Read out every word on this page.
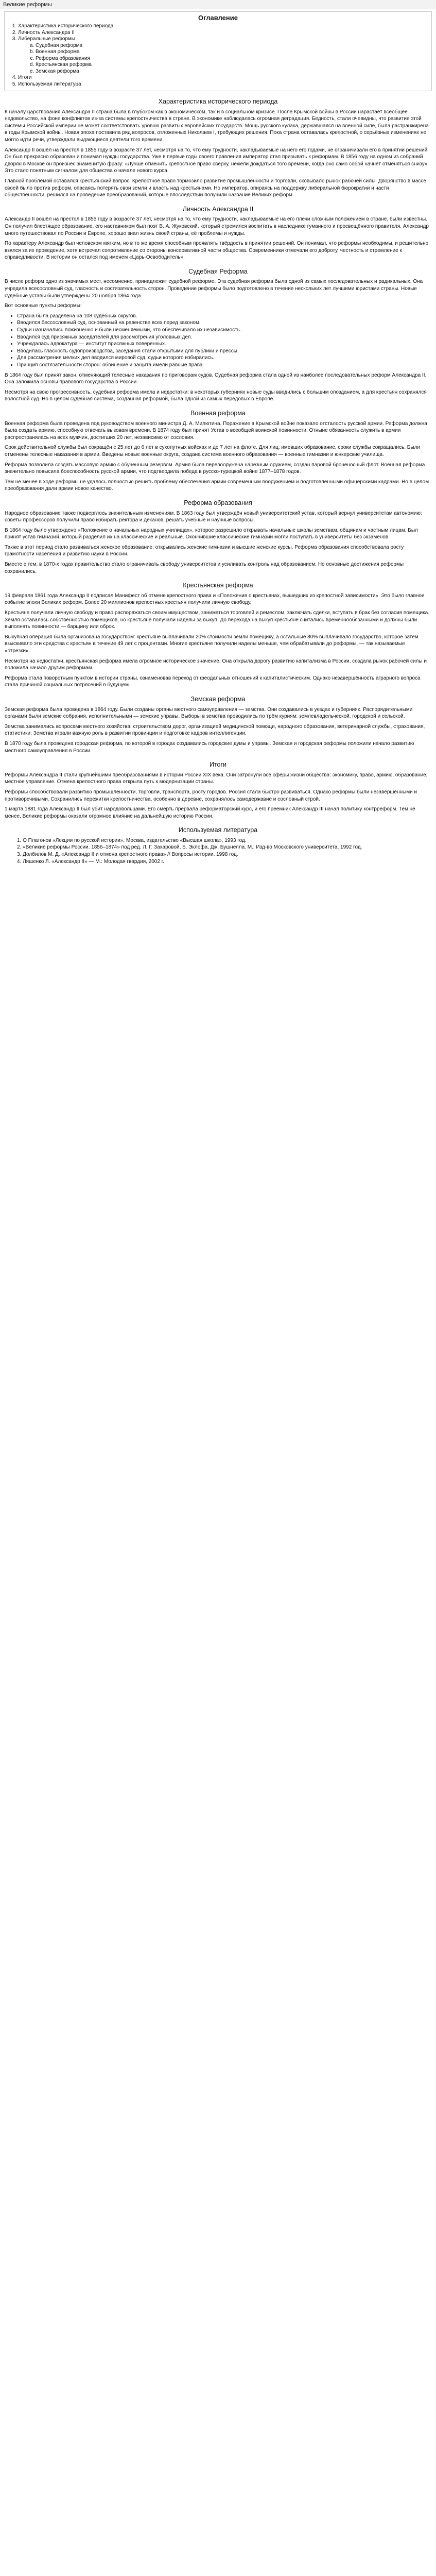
Великие реформы
Оглавление
1. Характеристика исторического периода
2. Личность Александра II
3. Либеральные реформы
a. Судебная реформа
b. Военная реформа
c. Реформа образования
d. Крестьянская реформа
e. Земская реформа
4. Итоги
5. Используемая литература
Характеристика исторического периода

К началу царствования Александра II страна была в глубоком как в экономическом, так и в социальном кризисе. После Крымской войны в России нарастает всеобщее недовольство, на фоне конфликтов из-за системы крепостничества в стране. В экономике наблюдалась огромная деградация. Бедность, стали очевидны, что развитие этой системы Российской империи не может соответствовать уровню развитых европейских государств. Мощь русского кулака, державшаяся на военной силе, была растранжирена в годы Крымской войны. Новая эпоха поставила ряд вопросов, отложенных Николаем I, требующих решения. Пока страна оставалась крепостной, о серьёзных изменениях не могло идти речи, утверждали выдающиеся деятели того времени.

Александр II вошёл на престол в 1855 году в возрасте 37 лет, несмотря на то, что ему трудности, накладываемые на него его годами, не ограничивали его в принятии решений. Он был прекрасно образован и понимал нужды государства. Уже в первые годы своего правления император стал призывать к реформам. В 1856 году на одном из собраний дворян в Москве он произнёс знаменитую фразу: «Лучше отменить крепостное право сверху, нежели дождаться того времени, когда оно само собой начнёт отменяться снизу». Это стало понятным сигналом для общества о начале нового курса.

Главной проблемой оставался крестьянский вопрос. Крепостное право тормозило развитие промышленности и торговли, сковывало рынок рабочей силы. Дворянство в массе своей было против реформ, опасаясь потерять свои земли и власть над крестьянами. Но император, опираясь на поддержку либеральной бюрократии и части общественности, решился на проведение преобразований, которые впоследствии получили название Великих реформ.

Личность Александра II

Александр II вошёл на престол в 1855 году в возрасте 37 лет, несмотря на то, что ему трудности, накладываемые на его плечи сложным положением в стране, были известны. Он получил блестящее образование, его наставником был поэт В. А. Жуковский, который стремился воспитать в наследнике гуманного и просвещённого правителя. Александр много путешествовал по России и Европе, хорошо знал жизнь своей страны, её проблемы и нужды.

По характеру Александр был человеком мягким, но в то же время способным проявлять твёрдость в принятии решений. Он понимал, что реформы необходимы, и решительно взялся за их проведение, хотя встречал сопротивление со стороны консервативной части общества. Современники отмечали его доброту, честность и стремление к справедливости. В истории он остался под именем «Царь-Освободитель».

Судебная Реформа

В числе реформ одно из значимых мест, несомненно, принадлежит судебной реформе. Эта судебная реформа была одной из самых последовательных и радикальных. Она учредила всесословный суд, гласность и состязательность сторон. Проведение реформы было подготовлено в течение нескольких лет лучшими юристами страны. Новые судебные уставы были утверждены 20 ноября 1864 года.

Вот основные пункты реформы:

• Страна была разделена на 108 судебных округов.
• Вводился бессословный суд, основанный на равенстве всех перед законом.
• Судьи назначались пожизненно и были несменяемыми, что обеспечивало их независимость.
• Вводился суд присяжных заседателей для рассмотрения уголовных дел.
• Учреждалась адвокатура — институт присяжных поверенных.
• Вводилась гласность судопроизводства, заседания стали открытыми для публики и прессы.
• Для рассмотрения мелких дел вводился мировой суд, судьи которого избирались.
• Принцип состязательности сторон: обвинение и защита имели равные права.

В 1864 году был принят закон, отменяющий телесные наказания по приговорам судов. Судебная реформа стала одной из наиболее последовательных реформ Александра II. Она заложила основы правового государства в России.

Несмотря на свою прогрессивность, судебная реформа имела и недостатки: в некоторых губерниях новые суды вводились с большим опозданием, а для крестьян сохранялся волостной суд. Но в целом судебная система, созданная реформой, была одной из самых передовых в Европе.

Военная реформа

Военная реформа была проведена под руководством военного министра Д. А. Милютина. Поражение в Крымской войне показало отсталость русской армии. Реформа должна была создать армию, способную отвечать вызовам времени. В 1874 году был принят Устав о всеобщей воинской повинности. Отныне обязанность служить в армии распространялась на всех мужчин, достигших 20 лет, независимо от сословия.

Срок действительной службы был сокращён с 25 лет до 6 лет в сухопутных войсках и до 7 лет на флоте. Для лиц, имевших образование, сроки службы сокращались. Были отменены телесные наказания в армии. Введены новые военные округа, создана система военного образования — военные гимназии и юнкерские училища.

Реформа позволила создать массовую армию с обученным резервом. Армия была перевооружена нарезным оружием, создан паровой броненосный флот. Военная реформа значительно повысила боеспособность русской армии, что подтвердила победа в русско-турецкой войне 1877–1878 годов.

Тем не менее в ходе реформы не удалось полностью решить проблему обеспечения армии современным вооружением и подготовленными офицерскими кадрами. Но в целом преобразования дали армии новое качество.

Реформа образования

Народное образование также подверглось значительным изменениям. В 1863 году был утверждён новый университетский устав, который вернул университетам автономию: советы профессоров получили право избирать ректора и деканов, решать учебные и научные вопросы.

В 1864 году было утверждено «Положение о начальных народных училищах», которое разрешило открывать начальные школы земствам, общинам и частным лицам. Был принят устав гимназий, который разделил их на классические и реальные. Окончившие классические гимназии могли поступать в университеты без экзаменов.

Также в этот период стало развиваться женское образование: открывались женские гимназии и высшие женские курсы. Реформа образования способствовала росту грамотности населения и развитию науки в России.

Вместе с тем, в 1870-х годах правительство стало ограничивать свободу университетов и усиливать контроль над образованием. Но основные достижения реформы сохранились.

Крестьянская реформа

19 февраля 1861 года Александр II подписал Манифест об отмене крепостного права и «Положения о крестьянах, вышедших из крепостной зависимости». Это было главное событие эпохи Великих реформ. Более 20 миллионов крепостных крестьян получили личную свободу.

Крестьяне получали личную свободу и право распоряжаться своим имуществом, заниматься торговлей и ремеслом, заключать сделки, вступать в брак без согласия помещика. Земля оставалась собственностью помещиков, но крестьяне получали наделы за выкуп. До перехода на выкуп крестьяне считались временнообязанными и должны были выполнять повинности — барщину или оброк.

Выкупная операция была организована государством: крестьяне выплачивали 20% стоимости земли помещику, а остальные 80% выплачивало государство, которое затем взыскивало эти средства с крестьян в течение 49 лет с процентами. Многие крестьяне получили наделы меньше, чем обрабатывали до реформы, — так называемые «отрезки».

Несмотря на недостатки, крестьянская реформа имела огромное историческое значение. Она открыла дорогу развитию капитализма в России, создала рынок рабочей силы и положила начало другим реформам.

Реформа стала поворотным пунктом в истории страны, ознаменовав переход от феодальных отношений к капиталистическим. Однако незавершённость аграрного вопроса стала причиной социальных потрясений в будущем.

Земская реформа

Земская реформа была проведена в 1864 году. Были созданы органы местного самоуправления — земства. Они создавались в уездах и губерниях. Распорядительными органами были земские собрания, исполнительными — земские управы. Выборы в земства проводились по трём куриям: землевладельческой, городской и сельской.

Земства занимались вопросами местного хозяйства: строительством дорог, организацией медицинской помощи, народного образования, ветеринарной службы, страхования, статистики. Земства играли важную роль в развитии провинции и подготовке кадров интеллигенции.

В 1870 году была проведена городская реформа, по которой в городах создавались городские думы и управы. Земская и городская реформы положили начало развитию местного самоуправления в России.

Итоги

Реформы Александра II стали крупнейшими преобразованиями в истории России XIX века. Они затронули все сферы жизни общества: экономику, право, армию, образование, местное управление. Отмена крепостного права открыла путь к модернизации страны.

Реформы способствовали развитию промышленности, торговли, транспорта, росту городов. Россия стала быстро развиваться. Однако реформы были незавершёнными и противоречивыми. Сохранились пережитки крепостничества, особенно в деревне, сохранялось самодержавие и сословный строй.

1 марта 1881 года Александр II был убит народовольцами. Его смерть прервала реформаторский курс, и его преемник Александр III начал политику контрреформ. Тем не менее, Великие реформы оказали огромное влияние на дальнейшую историю России.

Используемая литература
1. О Платонов «Лекции по русской истории», Москва, издательство «Высшая школа», 1993 год.
2. «Великие реформы России. 1856–1874» под ред. Л. Г. Захаровой, Б. Эклофа, Дж. Бушнелла. М.: Изд-во Московского университета, 1992 год.
3. Долбилов М. Д. «Александр II и отмена крепостного права» // Вопросы истории. 1998 год.
4. Ляшенко Л. «Александр II» — М.: Молодая гвардия, 2002 г.
